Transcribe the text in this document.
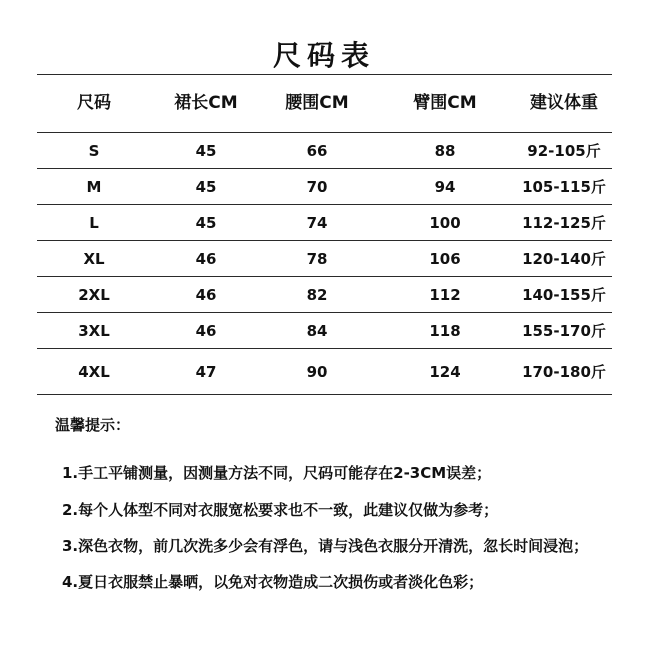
尺码表
尺码	裙长CM	腰围CM	臂围CM	建议体重
S	45	66	88	92-105斤
M	45	70	94	105-115斤
L	45	74	100	112-125斤
XL	46	78	106	120-140斤
2XL	46	82	112	140-155斤
3XL	46	84	118	155-170斤
4XL	47	90	124	170-180斤
温馨提示：
1.手工平铺测量，因测量方法不同，尺码可能存在2-3CM误差；
2.每个人体型不同对衣服宽松要求也不一致，此建议仅做为参考；
3.深色衣物，前几次洗多少会有浮色，请与浅色衣服分开清洗，忽长时间浸泡；
4.夏日衣服禁止暴晒，以免对衣物造成二次损伤或者淡化色彩；
